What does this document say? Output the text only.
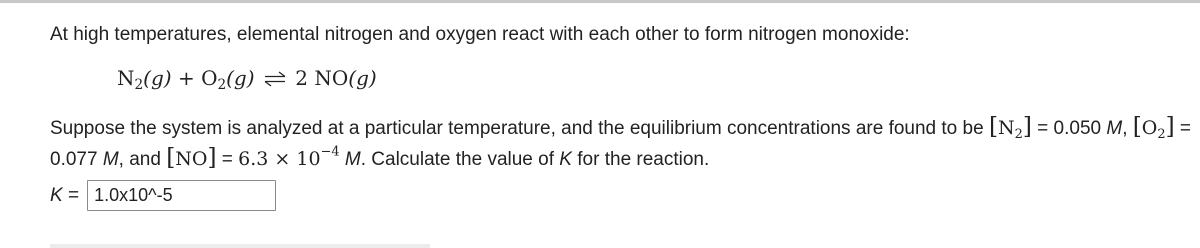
At high temperatures, elemental nitrogen and oxygen react with each other to form nitrogen monoxide:
$N_2(g) + O_2(g)$ ⇌ 2 NO(g)
Suppose the system is analyzed at a particular temperature, and the equilibrium concentrations are found to be $[N_2] = 0.050$ M, $[O_2]$ =
0.077 M, and $[NO] = 6.3 \times 10^{-4}$ M. Calculate the value of K for the reaction.
K = 1.0x10^-5
